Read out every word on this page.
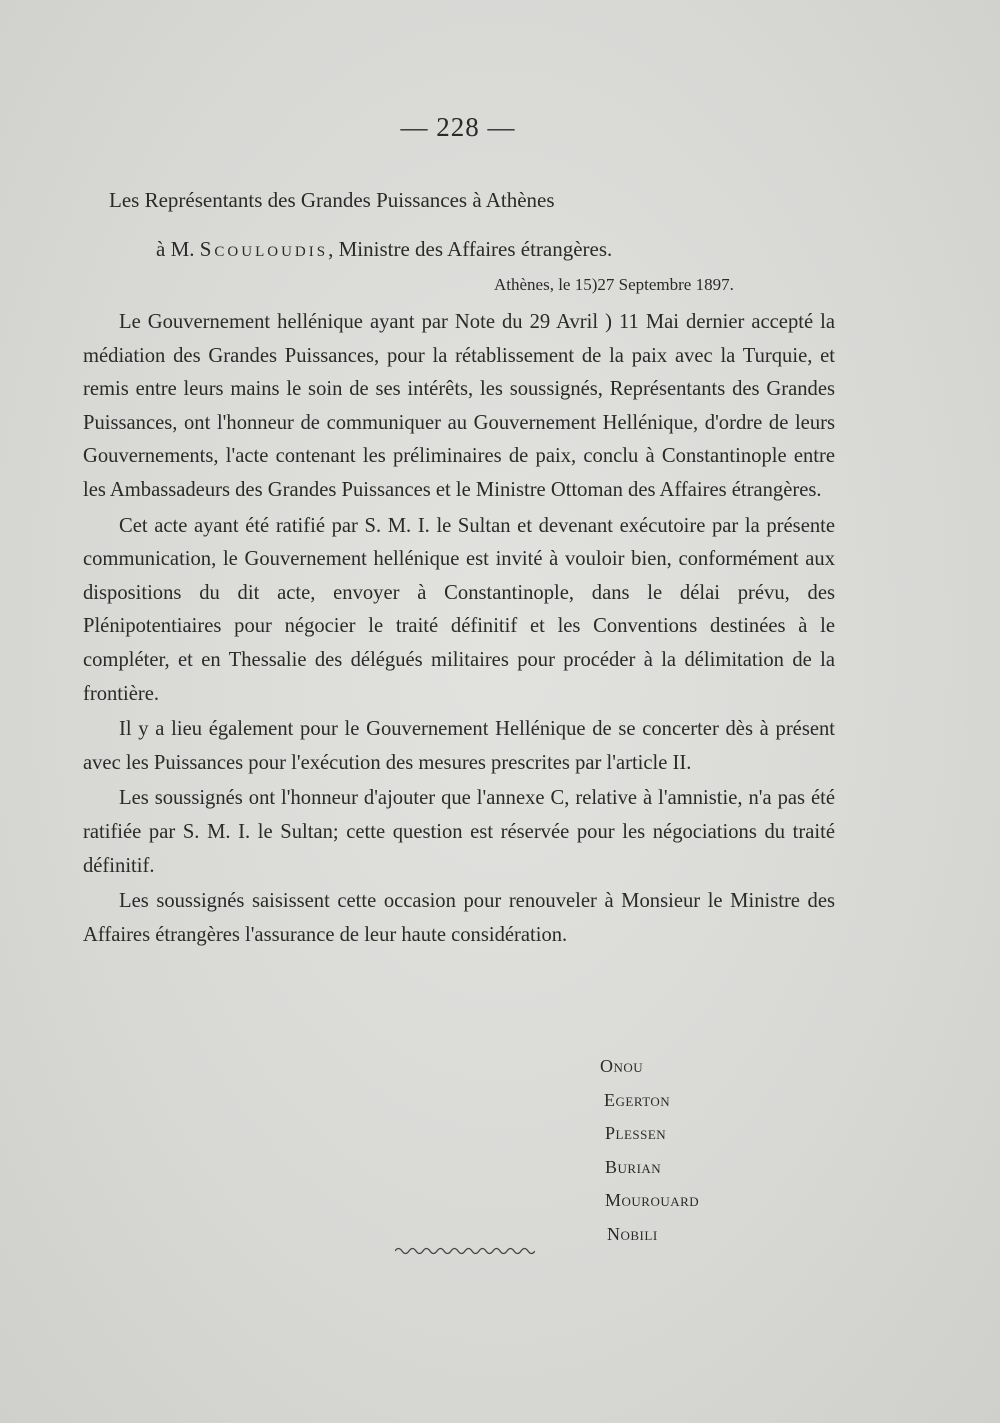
— 228 —
Les Représentants des Grandes Puissances à Athènes
à M. Scouloudis, Ministre des Affaires étrangères.
Athènes, le 15)27 Septembre 1897.

Le Gouvernement hellénique ayant par Note du 29 Avril ) 11 Mai dernier accepté la médiation des Grandes Puissances, pour la rétablissement de la paix avec la Turquie, et remis entre leurs mains le soin de ses intérêts, les soussignés, Représentants des Grandes Puissances, ont l'honneur de communiquer au Gouvernement Hellénique, d'ordre de leurs Gouvernements, l'acte contenant les préliminaires de paix, conclu à Constantinople entre les Ambassadeurs des Grandes Puissances et le Ministre Ottoman des Affaires étrangères.

Cet acte ayant été ratifié par S. M. I. le Sultan et devenant exécutoire par la présente communication, le Gouvernement hellénique est invité à vouloir bien, conformément aux dispositions du dit acte, envoyer à Constantinople, dans le délai prévu, des Plénipotentiaires pour négocier le traité définitif et les Conventions destinées à le compléter, et en Thessalie des délégués militaires pour procéder à la délimitation de la frontière.

Il y a lieu également pour le Gouvernement Hellénique de se concerter dès à présent avec les Puissances pour l'exécution des mesures prescrites par l'article II.

Les soussignés ont l'honneur d'ajouter que l'annexe C, relative à l'amnistie, n'a pas été ratifiée par S. M. I. le Sultan; cette question est réservée pour les négociations du traité définitif.

Les soussignés saisissent cette occasion pour renouveler à Monsieur le Ministre des Affaires étrangères l'assurance de leur haute considération.

Onou
Egerton
Plessen
Burian
Mourouard
Nobili
